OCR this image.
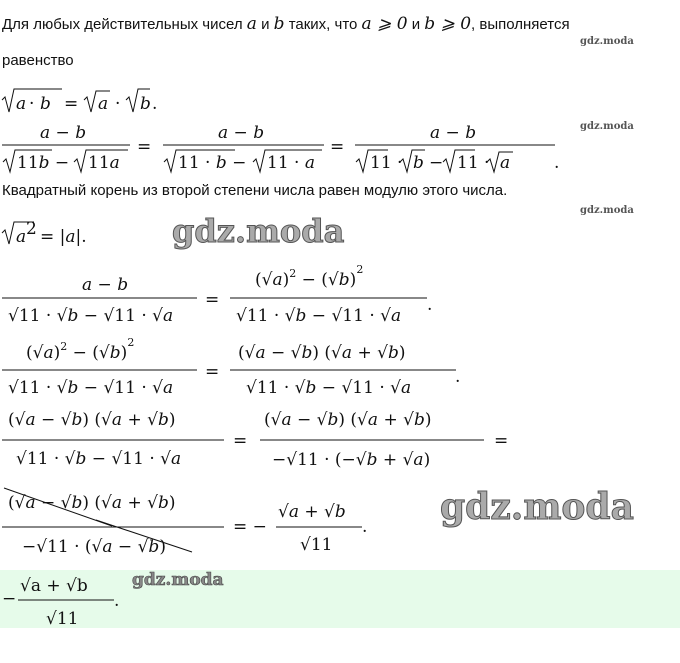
Для любых действительных чисел a и b таких, что a ⩾ 0 и b ⩾ 0, выполняется
gdz.moda
равенство
gdz.moda
Квадратный корень из второй степени числа равен модулю этого числа.
gdz.moda
gdz.moda
gdz.moda
gdz.moda
a · b = a · b .
a − b
11b − 11a
=
a − b
11 · b − 11 · a
=
a − b
11 · b − 11 · a	.
a 2 = |a|.
a − b
√11 · √b − √11 · √a
=
$(√a)^2 - (√b)^2$
√11 · √b − √11 · √a
.
$(√a)^2 - (√b)^2$
√11 · √b − √11 · √a
=
(√a − √b) (√a + √b)
√11 · √b − √11 · √a
.
(√a − √b) (√a + √b)
√11 · √b − √11 · √a
=
(√a − √b) (√a + √b)
−√11 · (−√b + √a)
=
(√a − √b) (√a + √b)
−√11 · (√a − √b)
= −
√a + √b
√11
.
−
√a + √b
√11
.
